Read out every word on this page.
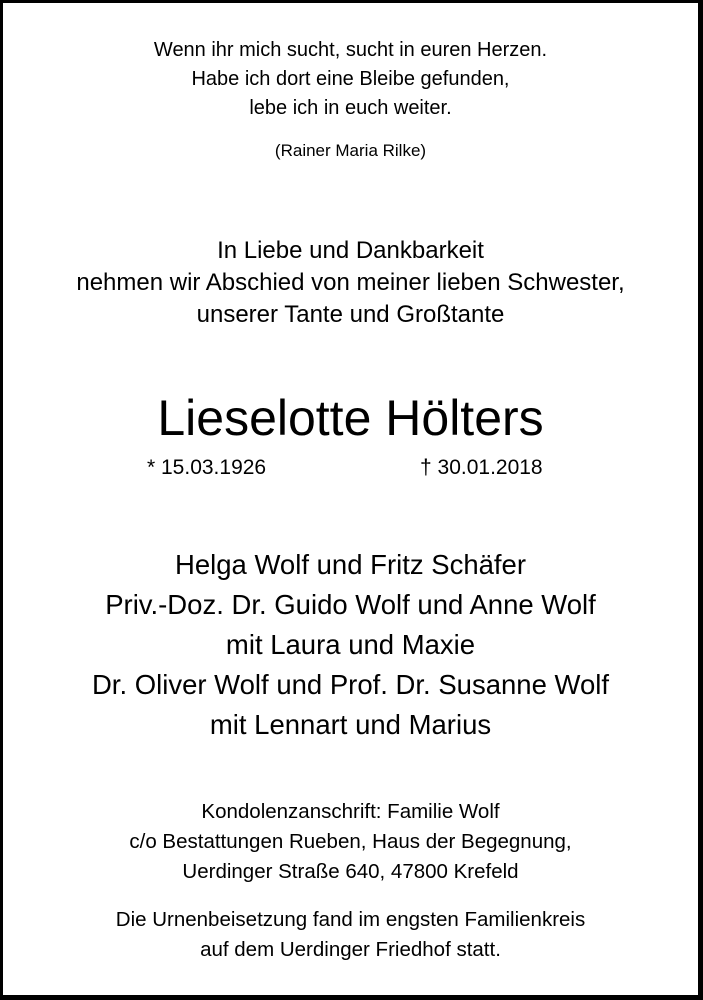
Wenn ihr mich sucht, sucht in euren Herzen.
Habe ich dort eine Bleibe gefunden,
lebe ich in euch weiter.
(Rainer Maria Rilke)
In Liebe und Dankbarkeit
nehmen wir Abschied von meiner lieben Schwester,
unserer Tante und Großtante
Lieselotte Hölters
* 15.03.1926	† 30.01.2018
Helga Wolf und Fritz Schäfer
Priv.-Doz. Dr. Guido Wolf und Anne Wolf
mit Laura und Maxie
Dr. Oliver Wolf und Prof. Dr. Susanne Wolf
mit Lennart und Marius
Kondolenzanschrift: Familie Wolf
c/o Bestattungen Rueben, Haus der Begegnung,
Uerdinger Straße 640, 47800 Krefeld
Die Urnenbeisetzung fand im engsten Familienkreis
auf dem Uerdinger Friedhof statt.
